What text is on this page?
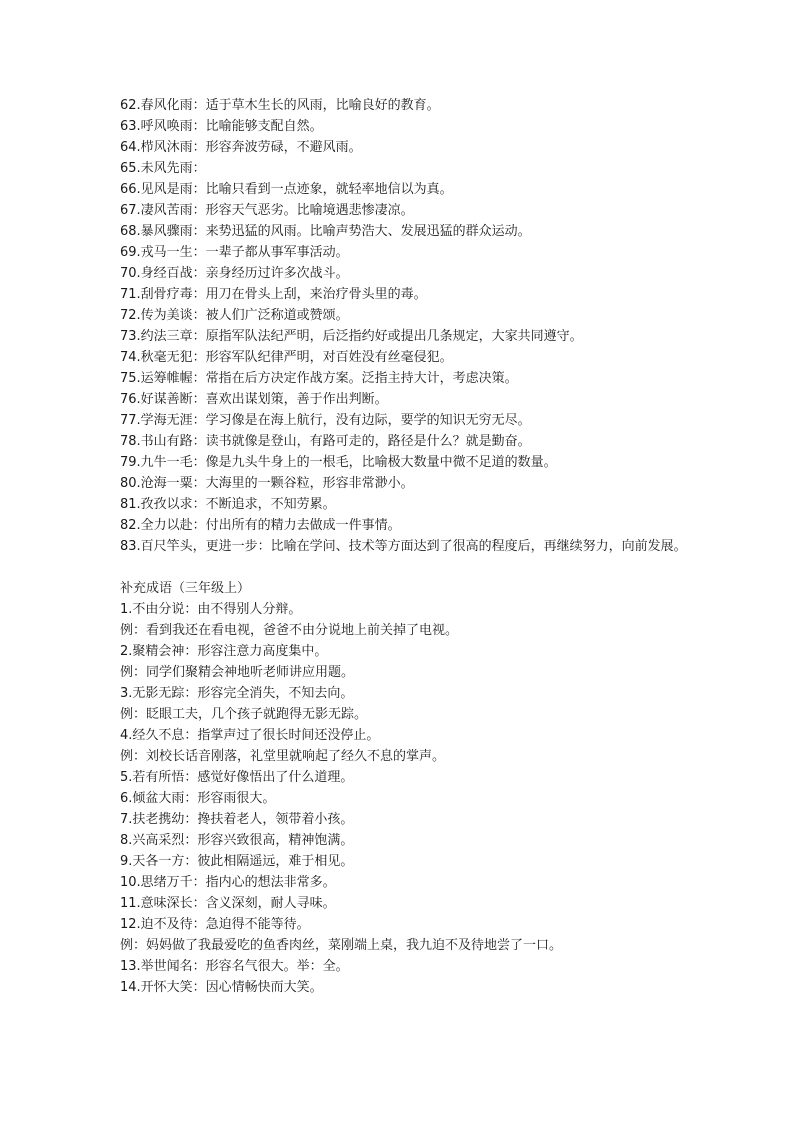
62.春风化雨：适于草木生长的风雨，比喻良好的教育。

63.呼风唤雨：比喻能够支配自然。

64.栉风沐雨：形容奔波劳碌，不避风雨。

65.未风先雨：

66.见风是雨：比喻只看到一点迹象，就轻率地信以为真。

67.凄风苦雨：形容天气恶劣。比喻境遇悲惨凄凉。

68.暴风骤雨：来势迅猛的风雨。比喻声势浩大、发展迅猛的群众运动。

69.戎马一生：一辈子都从事军事活动。

70.身经百战：亲身经历过许多次战斗。

71.刮骨疗毒：用刀在骨头上刮，来治疗骨头里的毒。

72.传为美谈：被人们广泛称道或赞颂。

73.约法三章：原指军队法纪严明，后泛指约好或提出几条规定，大家共同遵守。

74.秋毫无犯：形容军队纪律严明，对百姓没有丝毫侵犯。

75.运筹帷幄：常指在后方决定作战方案。泛指主持大计，考虑决策。

76.好谋善断：喜欢出谋划策，善于作出判断。

77.学海无涯：学习像是在海上航行，没有边际，要学的知识无穷无尽。

78.书山有路：读书就像是登山，有路可走的，路径是什么？就是勤奋。

79.九牛一毛：像是九头牛身上的一根毛，比喻极大数量中微不足道的数量。

80.沧海一粟：大海里的一颗谷粒，形容非常渺小。

81.孜孜以求：不断追求，不知劳累。

82.全力以赴：付出所有的精力去做成一件事情。

83.百尺竿头，更进一步：比喻在学问、技术等方面达到了很高的程度后，再继续努力，向前发展。

补充成语（三年级上）

1.不由分说：由不得别人分辩。

例：看到我还在看电视，爸爸不由分说地上前关掉了电视。

2.聚精会神：形容注意力高度集中。

例：同学们聚精会神地听老师讲应用题。

3.无影无踪：形容完全消失，不知去向。

例：眨眼工夫，几个孩子就跑得无影无踪。

4.经久不息：指掌声过了很长时间还没停止。

例：刘校长话音刚落，礼堂里就响起了经久不息的掌声。

5.若有所悟：感觉好像悟出了什么道理。

6.倾盆大雨：形容雨很大。

7.扶老携幼：搀扶着老人，领带着小孩。

8.兴高采烈：形容兴致很高，精神饱满。

9.天各一方：彼此相隔遥远，难于相见。

10.思绪万千：指内心的想法非常多。

11.意味深长：含义深刻，耐人寻味。

12.迫不及待：急迫得不能等待。

例：妈妈做了我最爱吃的鱼香肉丝，菜刚端上桌，我九迫不及待地尝了一口。

13.举世闻名：形容名气很大。举：全。

14.开怀大笑：因心情畅快而大笑。
